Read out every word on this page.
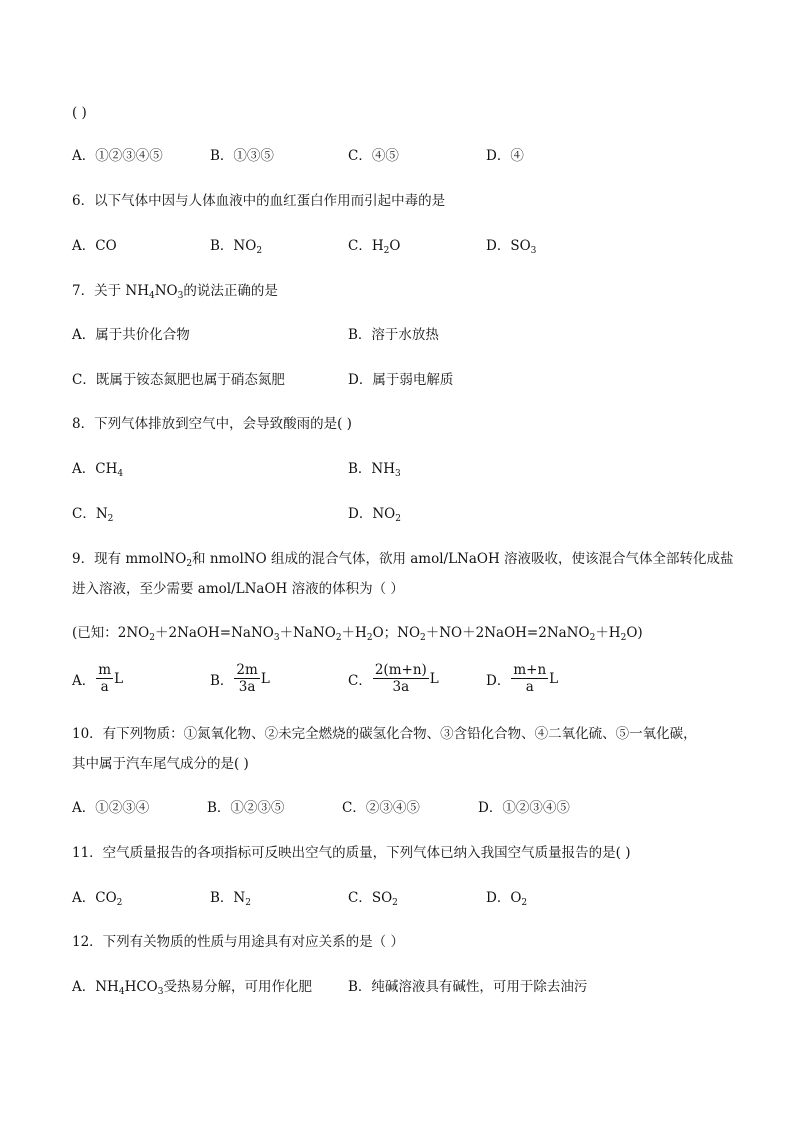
( )
A．①②③④⑤	B．①③⑤	C．④⑤	D．④
6．以下气体中因与人体血液中的血红蛋白作用而引起中毒的是
A．CO	B．$NO_2$	C．$H_2O$	D．$SO_3$
7．关于 $NH_4NO_3$的说法正确的是
A．属于共价化合物	B．溶于水放热
C．既属于铵态氮肥也属于硝态氮肥	D．属于弱电解质
8．下列气体排放到空气中，会导致酸雨的是( )
A．$CH_4$	B．$NH_3$
C．$N_2$	D．$NO_2$
9．现有 mmolNO$_2$和 nmolNO 组成的混合气体，欲用 amol/LNaOH 溶液吸收，使该混合气体全部转化成盐
进入溶液，至少需要 amol/LNaOH 溶液的体积为（ ）
(已知：$2NO_2+2NaOH=NaNO_3+NaNO_2+H_2O$；$NO_2+NO+2NaOH=2NaNO_2+H_2O$)
A． $\frac{m}{a}$ L	B． $\frac{2m}{3a}$ L	C． $\frac{2(m+n)}{3a}$ L	D． $\frac{m+n}{a}$ L
10．有下列物质：①氮氧化物、②未完全燃烧的碳氢化合物、③含铅化合物、④二氧化硫、⑤一氧化碳，
其中属于汽车尾气成分的是( )
A．①②③④	B．①②③⑤	C．②③④⑤	D．①②③④⑤
11．空气质量报告的各项指标可反映出空气的质量，下列气体已纳入我国空气质量报告的是( )
A．$CO_2$	B．$N_2$	C．$SO_2$	D．$O_2$
12．下列有关物质的性质与用途具有对应关系的是（ ）
A．$NH_4HCO_3$受热易分解，可用作化肥	B．纯碱溶液具有碱性，可用于除去油污
